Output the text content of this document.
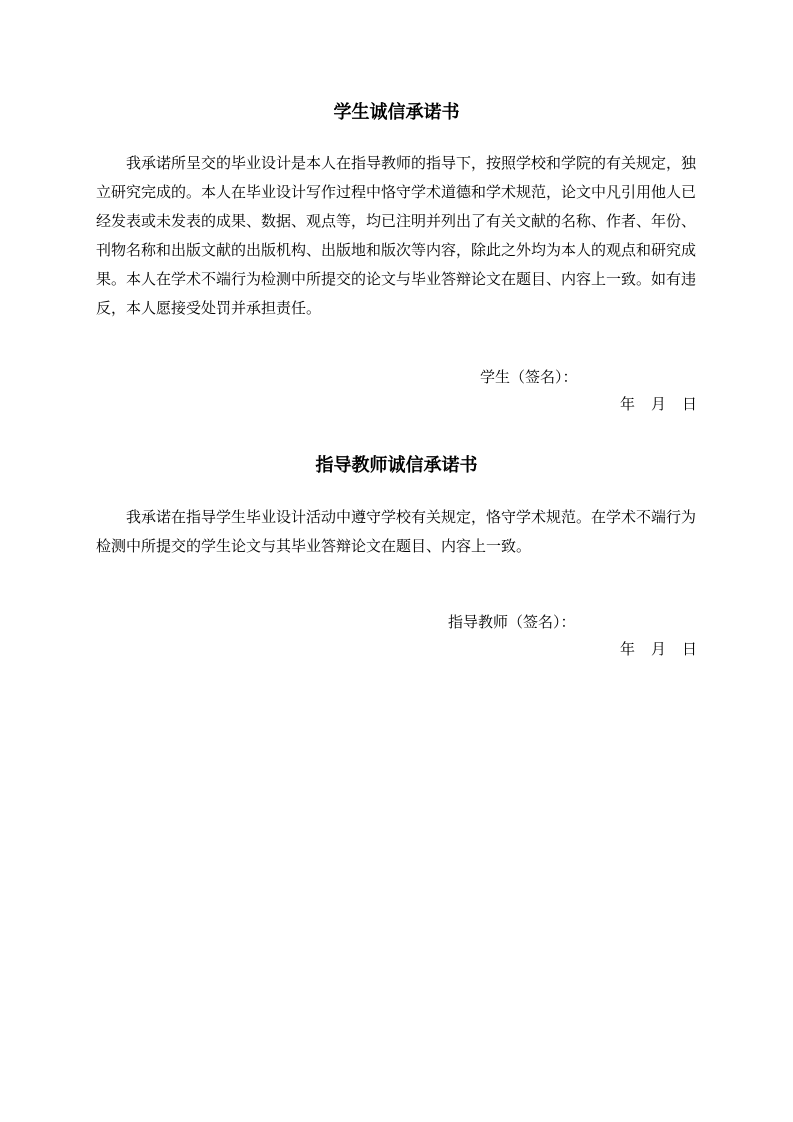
学生诚信承诺书

我承诺所呈交的毕业设计是本人在指导教师的指导下，按照学校和学院的有关规定，独立研究完成的。本人在毕业设计写作过程中恪守学术道德和学术规范，论文中凡引用他人已经发表或未发表的成果、数据、观点等，均已注明并列出了有关文献的名称、作者、年份、刊物名称和出版文献的出版机构、出版地和版次等内容，除此之外均为本人的观点和研究成果。本人在学术不端行为检测中所提交的论文与毕业答辩论文在题目、内容上一致。如有违反，本人愿接受处罚并承担责任。

学生（签名）：
年 月 日
指导教师诚信承诺书

我承诺在指导学生毕业设计活动中遵守学校有关规定，恪守学术规范。在学术不端行为检测中所提交的学生论文与其毕业答辩论文在题目、内容上一致。

指导教师（签名）：
年 月 日
